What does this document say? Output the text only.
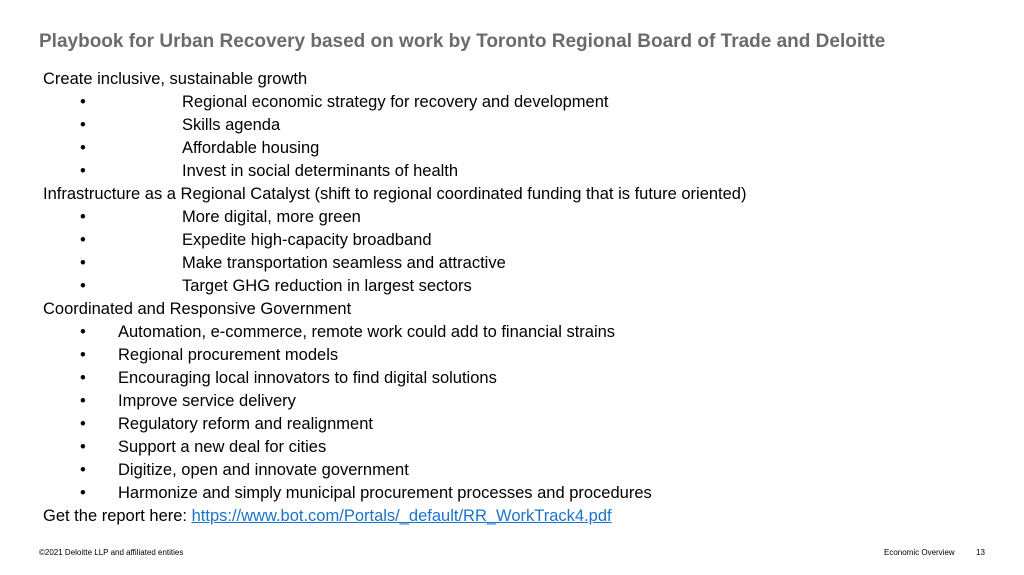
Playbook for Urban Recovery based on work by Toronto Regional Board of Trade and Deloitte
Create inclusive, sustainable growth
•	Regional economic strategy for recovery and development
•	Skills agenda
•	Affordable housing
•	Invest in social determinants of health
Infrastructure as a Regional Catalyst (shift to regional coordinated funding that is future oriented)
•	More digital, more green
•	Expedite high-capacity broadband
•	Make transportation seamless and attractive
•	Target GHG reduction in largest sectors
Coordinated and Responsive Government
• Automation, e-commerce, remote work could add to financial strains
• Regional procurement models
• Encouraging local innovators to find digital solutions
• Improve service delivery
• Regulatory reform and realignment
• Support a new deal for cities
• Digitize, open and innovate government
• Harmonize and simply municipal procurement processes and procedures
Get the report here: https://www.bot.com/Portals/_default/RR_WorkTrack4.pdf
©2021 Deloitte LLP and affiliated entities	Economic Overview	13
